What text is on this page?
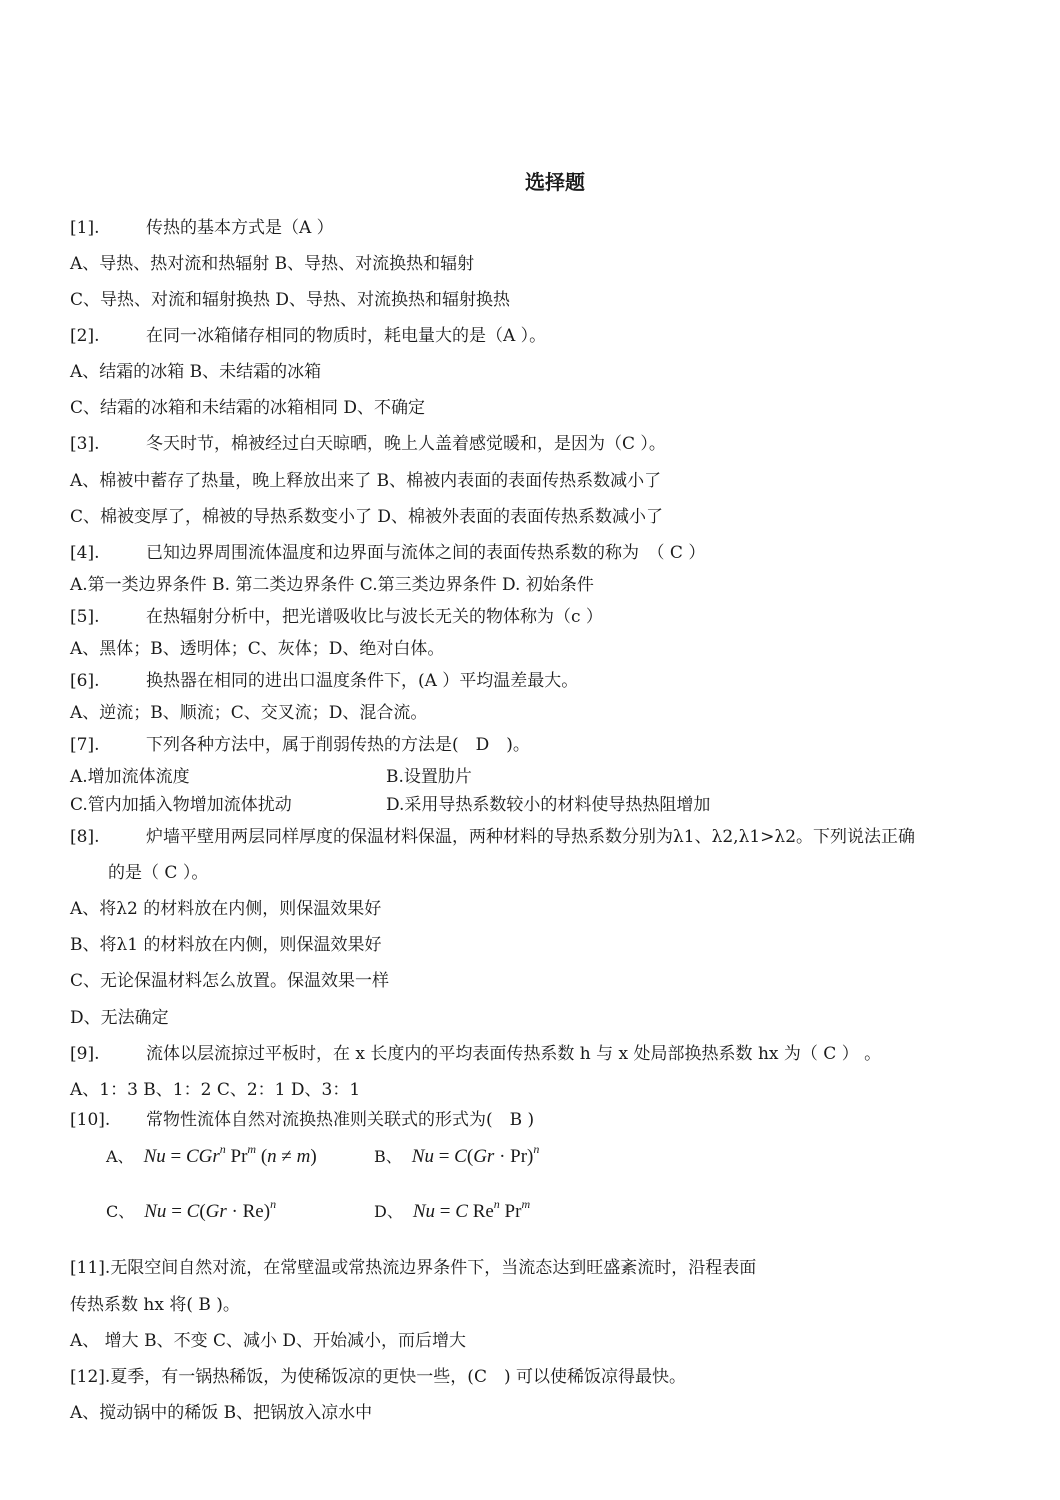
选择题
[1].	传热的基本方式是（A ）
A、导热、热对流和热辐射 B、导热、对流换热和辐射
C、导热、对流和辐射换热 D、导热、对流换热和辐射换热
[2].	在同一冰箱储存相同的物质时，耗电量大的是（A ）。
A、结霜的冰箱 B、未结霜的冰箱
C、结霜的冰箱和未结霜的冰箱相同 D、不确定
[3].	冬天时节，棉被经过白天晾晒，晚上人盖着感觉暖和，是因为（C ）。
A、棉被中蓄存了热量，晚上释放出来了 B、棉被内表面的表面传热系数减小了
C、棉被变厚了，棉被的导热系数变小了 D、棉被外表面的表面传热系数减小了
[4].	已知边界周围流体温度和边界面与流体之间的表面传热系数的称为　（ C ）
A.第一类边界条件 B. 第二类边界条件 C.第三类边界条件 D. 初始条件
[5].	在热辐射分析中，把光谱吸收比与波长无关的物体称为（c ）
A、黑体；B、透明体；C、灰体；D、绝对白体。
[6].	换热器在相同的进出口温度条件下，(A ）平均温差最大。
A、逆流；B、顺流；C、交叉流；D、混合流。
[7].	下列各种方法中，属于削弱传热的方法是(　D　)。
A.增加流体流度	B.设置肋片
C.管内加插入物增加流体扰动	D.采用导热系数较小的材料使导热热阻增加
[8].	炉墙平壁用两层同样厚度的保温材料保温，两种材料的导热系数分别为λ1、λ2,λ1>λ2。下列说法正确
的是（ C ）。
A、将λ2 的材料放在内侧，则保温效果好
B、将λ1 的材料放在内侧，则保温效果好
C、无论保温材料怎么放置。保温效果一样
D、无法确定
[9].	流体以层流掠过平板时，在 x 长度内的平均表面传热系数 h 与 x 处局部换热系数 hx 为（ C ） 。
A、1：3 B、1：2 C、2：1 D、3：1
[10]. 常物性流体自然对流换热准则关联式的形式为(　B )
A、 Nu = CGr$^n$ Pr$^m$ (n ≠ m)	B、 $Nu = C(Gr \cdot Pr)^n$
C、 $Nu = C(Gr \cdot Re)^n$	D、 Nu = C Re$^n$ Pr$^m$
[11].无限空间自然对流，在常壁温或常热流边界条件下，当流态达到旺盛紊流时，沿程表面
传热系数 hx 将( B )。
A、 增大 B、不变 C、减小 D、开始减小，而后增大
[12].夏季，有一锅热稀饭，为使稀饭凉的更快一些，(C　) 可以使稀饭凉得最快。
A、搅动锅中的稀饭 B、把锅放入凉水中
